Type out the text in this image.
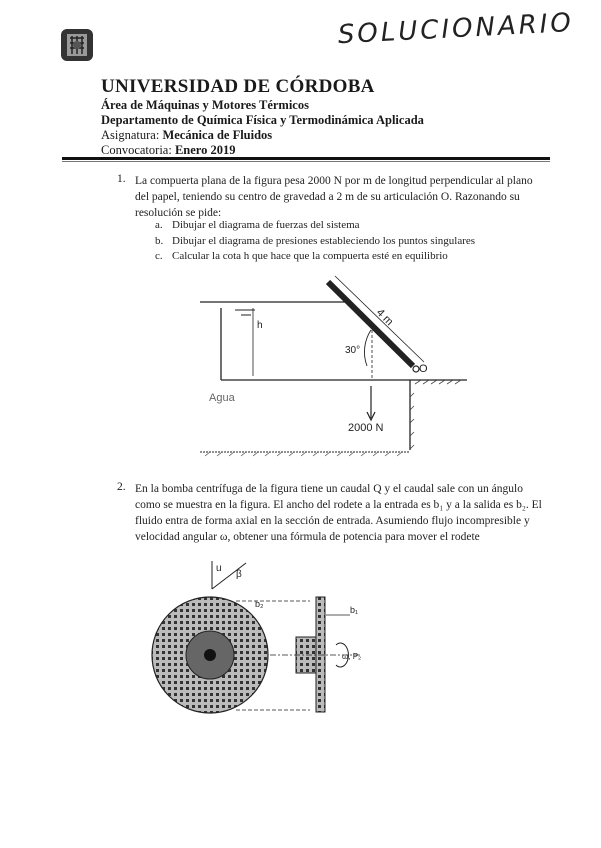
SOLUCIONARIO
UNIVERSIDAD DE CÓRDOBA
Área de Máquinas y Motores Térmicos
Departamento de Química Física y Termodinámica Aplicada
Asignatura: Mecánica de Fluidos
Convocatoria: Enero 2019
1. La compuerta plana de la figura pesa 2000 N por m de longitud perpendicular al plano del papel, teniendo su centro de gravedad a 2 m de su articulación O. Razonando su resolución se pide:
a. Dibujar el diagrama de fuerzas del sistema
b. Dibujar el diagrama de presiones estableciendo los puntos singulares
c. Calcular la cota h que hace que la compuerta esté en equilibrio
h	4 m
30°
O
2000 N
Agua
2. En la bomba centrífuga de la figura tiene un caudal Q y el caudal sale con un ángulo como se muestra en la figura. El ancho del rodete a la entrada es b₁ y a la salida es b₂. El fluido entra de forma axial en la sección de entrada. Asumiendo flujo incompresible y velocidad angular ω, obtener una fórmula de potencia para mover el rodete
u
β
b₂
b₁
ω, P₂
